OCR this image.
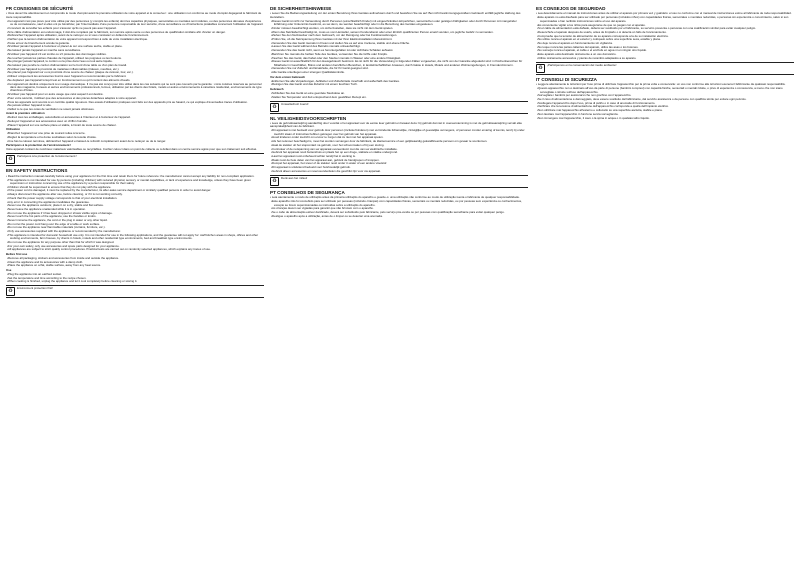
FR CONSIGNES DE SÉCURITÉ

• Vous devez lire attentivement et comprendre le mode d'emploi avant la première utilisation de votre appareil et le conserver : une utilisation non conforme au mode d'emploi dégagerait le fabricant de toute responsabilité.

• Cet appareil n'est pas prévu pour être utilisé par des personnes (y compris les enfants) dont les capacités physiques, sensorielles ou mentales sont réduites, ou des personnes dénuées d'expérience ou de connaissance, sauf si elles ont pu bénéficier, par l'intermédiaire d'une personne responsable de leur sécurité, d'une surveillance ou d'instructions préalables concernant l'utilisation de l'appareil.
• Il convient de surveiller les enfants pour s'assurer qu'ils ne jouent pas avec l'appareil.
• Si le câble d'alimentation est endommagé, il doit être remplacé par le fabricant, son service après-vente ou des personnes de qualification similaire afin d'éviter un danger.
• Débranchez l'appareil après utilisation, avant de le nettoyer ou si vous constatez un défaut de fonctionnement.
• Vérifiez que la tension d'alimentation de votre appareil correspond bien à celle de votre installation électrique.
• Toute erreur de branchement annule la garantie.
• N'utilisez jamais l'appareil à l'extérieur et placez-le sur une surface sèche, stable et plane.
• Ne laissez jamais l'appareil en marche sans surveillance.
• N'utilisez pas l'appareil s'il est tombé ou s'il présente des dommages visibles.
• Ne touchez jamais les parties chaudes de l'appareil, utilisez les poignées ou les boutons.
• Ne plongez jamais l'appareil, le cordon ou la prise dans l'eau ou tout autre liquide.
• Ne laissez pas pendre le cordon d'alimentation sur le bord d'une table ou d'un plan de travail.
• N'utilisez pas l'appareil à proximité de matériaux inflammables (rideaux, meubles, etc.).
• Ne placez pas l'appareil sur ou à proximité d'une source de chaleur (plaque de cuisson, four, etc.).
• Utilisez uniquement les accessoires fournis avec l'appareil ou recommandés par le fabricant.
• Ne déplacez pas l'appareil lorsqu'il est en fonctionnement ou qu'il contient des aliments chauds.
• Cet appareil est destiné uniquement à un usage domestique. Il n'a pas été conçu pour être utilisé dans les cas suivants qui ne sont pas couverts par la garantie : coins cuisines réservés au personnel dans des magasins, bureaux et autres environnements professionnels, fermes, utilisation par les clients des hôtels, motels et autres environnements à caractère résidentiel, environnements de type chambres d'hôtes.
• N'utilisez pas l'appareil pour un autre usage que celui auquel il est destiné.
• Pour votre sécurité, n'utilisez que des accessoires et des pièces détachées adaptés à votre appareil.
• Tous les appareils sont soumis à un contrôle qualité rigoureux. Des essais d'utilisation pratiques sont faits sur des appareils pris au hasard, ce qui explique d'éventuelles traces d'utilisation.
• Ne jamais utiliser l'appareil à vide.
• Veillez à ce que les ouïes de ventilation ne soient jamais obstruées.
Avant la première utilisation
• Retirez tous les emballages, autocollants et accessoires à l'intérieur et à l'extérieur de l'appareil.
• Nettoyez l'appareil et ses accessoires avec un chiffon humide.
• Placez l'appareil sur une surface plane et stable, à l'écart de toute source de chaleur.
Utilisation
• Branchez l'appareil sur une prise de courant reliée à la terre.
• Réglez la température et la durée souhaitées selon la recette choisie.
• Une fois la cuisson terminée, débranchez l'appareil et laissez-le refroidir complètement avant de le nettoyer ou de le ranger.
Participons à la protection de l'environnement !

Votre appareil contient de nombreux matériaux valorisables ou recyclables. Confiez celui-ci dans un point de collecte ou à défaut dans un centre service agréé pour que son traitement soit effectué.

♻	Participons à la protection de l'environnement !
EN SAFETY INSTRUCTIONS

• Read the instruction manual carefully before using your appliance for the first time and retain them for future reference: the manufacturer cannot accept any liability for non-compliant application.

• This appliance is not intended for use by persons (including children) with reduced physical, sensory or mental capabilities, or lack of experience and knowledge, unless they have been given supervision or instruction concerning use of the appliance by a person responsible for their safety.
• Children should be supervised to ensure that they do not play with the appliance.
• If the power cord is damaged, it must be replaced by the manufacturer, its after-sales service department or similarly qualified persons in order to avoid danger.
• Always disconnect the appliance after use, before cleaning, or if it is not working correctly.
• Check that the power supply voltage corresponds to that of your electrical installation.
• Any error in connecting the appliance invalidates the guarantee.
• Never use the appliance outdoors; place it on a dry, stable and flat surface.
• Never leave the appliance unattended while it is in operation.
• Do not use the appliance if it has been dropped or shows visible signs of damage.
• Never touch the hot parts of the appliance; use the handles or knobs.
• Never immerse the appliance, the cord or the plug in water or any other liquid.
• Do not let the power cord hang over the edge of a table or work surface.
• Do not use the appliance near flammable materials (curtains, furniture, etc.).
• Only use accessories supplied with the appliance or recommended by the manufacturer.
• This appliance is intended for domestic household use only. It is not intended for use in the following applications, and the guarantee will not apply for: staff kitchen areas in shops, offices and other working environments, farm houses, by clients in hotels, motels and other residential type environments, bed and breakfast type environments.
• Do not use the appliance for any purpose other than that for which it was designed.
• For your own safety, only use accessories and spare parts designed for your appliance.
• All appliances are subject to strict quality control procedures. Practical tests are carried out on randomly selected appliances, which explains any traces of use.
Before first use
• Remove all packaging, stickers and accessories from inside and outside the appliance.
• Clean the appliance and its accessories with a damp cloth.
• Place the appliance on a flat, stable surface, away from any heat source.
Use
• Plug the appliance into an earthed socket.
• Set the temperature and time according to the recipe chosen.
• When cooking is finished, unplug the appliance and let it cool completely before cleaning or storing it.
♻	Environment protection first!
DE SICHERHEITSHINWEISE

• Lesen Sie die Bedienungsanleitung vor der ersten Benutzung Ihres Gerätes aufmerksam durch und bewahren Sie sie auf: Bei nicht bestimmungsgemäßem Gebrauch entfällt jegliche Haftung des Herstellers.

• Dieses Gerät ist nicht zur Verwendung durch Personen (einschließlich Kinder) mit eingeschränkten körperlichen, sensorischen oder geistigen Fähigkeiten oder durch Personen mit mangelnder Erfahrung oder Unkenntnis bestimmt, es sei denn, sie werden beaufsichtigt oder in die Benutzung des Gerätes eingewiesen.
• Kinder müssen beaufsichtigt werden, um sicherzustellen, dass sie nicht mit dem Gerät spielen.
• Wenn das Netzkabel beschädigt ist, muss es vom Hersteller, seinem Kundendienst oder einer ähnlich qualifizierten Person ersetzt werden, um jegliche Gefahr zu vermeiden.
• Ziehen Sie den Netzstecker nach dem Gebrauch, vor der Reinigung oder bei Funktionsstörungen.
• Prüfen Sie, ob die Netzspannung Ihres Gerätes mit der Ihrer Elektroinstallation übereinstimmt.
• Verwenden Sie das Gerät niemals im Freien und stellen Sie es auf eine trockene, stabile und ebene Fläche.
• Lassen Sie das Gerät während des Betriebs niemals unbeaufsichtigt.
• Verwenden Sie das Gerät nicht, wenn es heruntergefallen ist oder sichtbare Schäden aufweist.
• Berühren Sie niemals die heißen Teile des Gerätes, verwenden Sie die Griffe oder Knöpfe.
• Tauchen Sie das Gerät, das Kabel oder den Stecker niemals in Wasser oder eine andere Flüssigkeit.
• Dieses Gerät ist ausschließlich für den Hausgebrauch bestimmt. Es ist nicht für die Verwendung in folgenden Fällen vorgesehen, die nicht von der Garantie abgedeckt sind: in Küchenbereichen für Mitarbeiter in Geschäften, Büros und anderen beruflichen Bereichen, in landwirtschaftlichen Anwesen, durch Gäste in Hotels, Motels und anderen Wohnumgebungen, in Fremdenzimmern.
• Verwenden Sie nur Zubehör und Ersatzteile, die für Ihr Gerät geeignet sind.
• Alle Geräte unterliegen einer strengen Qualitätskontrolle.
Vor dem ersten Gebrauch
• Entfernen Sie alle Verpackungen, Aufkleber und Zubehörteile innerhalb und außerhalb des Gerätes.
• Reinigen Sie das Gerät und das Zubehör mit einem feuchten Tuch.
Gebrauch
• Schließen Sie das Gerät an eine geerdete Steckdose an.
• Stellen Sie Temperatur und Zeit entsprechend dem gewählten Rezept ein.
♻	Umweltschutz zuerst!
NL VEILIGHEIDSVOORSCHRIFTEN

• Lees de gebruiksaanwijzing aandachtig door voordat u het apparaat voor de eerste keer gebruikt en bewaar deze: bij gebruik dat niet in overeenstemming is met de gebruiksaanwijzing vervalt elke aansprakelijkheid van de fabrikant.

• Dit apparaat is niet bedoeld voor gebruik door personen (inclusief kinderen) met verminderde lichamelijke, zintuiglijke of geestelijke vermogens, of personen zonder ervaring of kennis, tenzij zij onder toezicht staan of instructies hebben gekregen over het gebruik van het apparaat.
• Houd kinderen onder toezicht om ervoor te zorgen dat ze niet met het apparaat spelen.
• Als het netsnoer beschadigd is, moet het worden vervangen door de fabrikant, de klantenservice of een gelijkwaardig gekwalificeerde persoon om gevaar te voorkomen.
• Haal de stekker uit het stopcontact na gebruik, voor het schoonmaken of bij een storing.
• Controleer of de netspanning van uw apparaat overeenkomt met die van uw elektrische installatie.
• Gebruik het apparaat nooit buitenshuis en plaats het op een droge, stabiele en vlakke ondergrond.
• Laat het apparaat nooit onbeheerd achter terwijl het in werking is.
• Raak nooit de hete delen van het apparaat aan, gebruik de handgrepen of knoppen.
• Dompel het apparaat, het snoer of de stekker nooit onder in water of een andere vloeistof.
• Dit apparaat is uitsluitend bedoeld voor huishoudelijk gebruik.
• Gebruik alleen accessoires en reserveonderdelen die geschikt zijn voor uw apparaat.
♻	Denk aan het milieu!
PT CONSELHOS DE SEGURANÇA

• Leia atentamente o modo de utilização antes da primeira utilização do aparelho e guarde-o: uma utilização não conforme ao modo de utilização isenta o fabricante de qualquer responsabilidade.

• Este aparelho não foi concebido para ser utilizado por pessoas (incluindo crianças) com capacidades físicas, sensoriais ou mentais reduzidas, ou por pessoas sem experiência ou conhecimentos, excepto se forem supervisionadas ou instruídas sobre a utilização do aparelho.
• As crianças devem ser vigiadas para garantir que não brincam com o aparelho.
• Se o cabo de alimentação estiver danificado, deverá ser substituído pelo fabricante, pelo serviço pós-venda ou por pessoas com qualificação semelhante para evitar qualquer perigo.
• Desligue o aparelho após a utilização, antes de o limpar ou se detectar uma anomalia.
ES CONSEJOS DE SEGURIDAD

• Lea detenidamente el manual de instrucciones antes de utilizar el aparato por primera vez y guárdelo: el uso no conforme con el manual de instrucciones exime al fabricante de toda responsabilidad.

• Este aparato no está diseñado para ser utilizado por personas (incluidos niños) con capacidades físicas, sensoriales o mentales reducidas, o personas sin experiencia o conocimiento, salvo si son supervisadas o han recibido instrucciones sobre el uso del aparato.
• Es conveniente vigilar a los niños para asegurarse de que no juegan con el aparato.
• Si el cable de alimentación está dañado, deberá ser sustituido por el fabricante, su servicio posventa o personas con una cualificación similar para evitar cualquier peligro.
• Desenchufe el aparato después de usarlo, antes de limpiarlo o si detecta un fallo de funcionamiento.
• Compruebe que la tensión de alimentación de su aparato corresponde a la de su instalación eléctrica.
• No utilice nunca el aparato en el exterior y colóquelo sobre una superficie seca, estable y plana.
• No deje nunca el aparato en funcionamiento sin vigilancia.
• No toque nunca las partes calientes del aparato, utilice las asas o los botones.
• No sumerja nunca el aparato, el cable o el enchufe en agua ni en ningún otro líquido.
• Este aparato está destinado únicamente a un uso doméstico.
• Utilice únicamente accesorios y piezas de recambio adaptados a su aparato.
♻	¡Participemos en la conservación del medio ambiente!
IT CONSIGLI DI SICUREZZA

• Leggere attentamente le istruzioni per l'uso prima di utilizzare l'apparecchio per la prima volta e conservarle: un uso non conforme alle istruzioni esonera il fabbricante da qualsiasi responsabilità.

• Questo apparecchio non è destinato all'uso da parte di persone (bambini compresi) con capacità fisiche, sensoriali o mentali ridotte, o prive di esperienza o conoscenza, a meno che non siano sorvegliate o istruite sull'uso dell'apparecchio.
• Sorvegliare i bambini per assicurarsi che non giochino con l'apparecchio.
• Se il cavo di alimentazione è danneggiato, deve essere sostituito dal fabbricante, dal servizio assistenza o da persone con qualifica simile per evitare ogni pericolo.
• Scollegare l'apparecchio dopo l'uso, prima di pulirlo o in caso di anomalie di funzionamento.
• Verificare che la tensione di alimentazione dell'apparecchio corrisponda a quella dell'impianto elettrico.
• Non utilizzare mai l'apparecchio all'esterno e collocarlo su una superficie asciutta, stabile e piana.
• Non lasciare mai l'apparecchio in funzione senza sorveglianza.
• Non immergere mai l'apparecchio, il cavo o la spina in acqua o in qualsiasi altro liquido.
